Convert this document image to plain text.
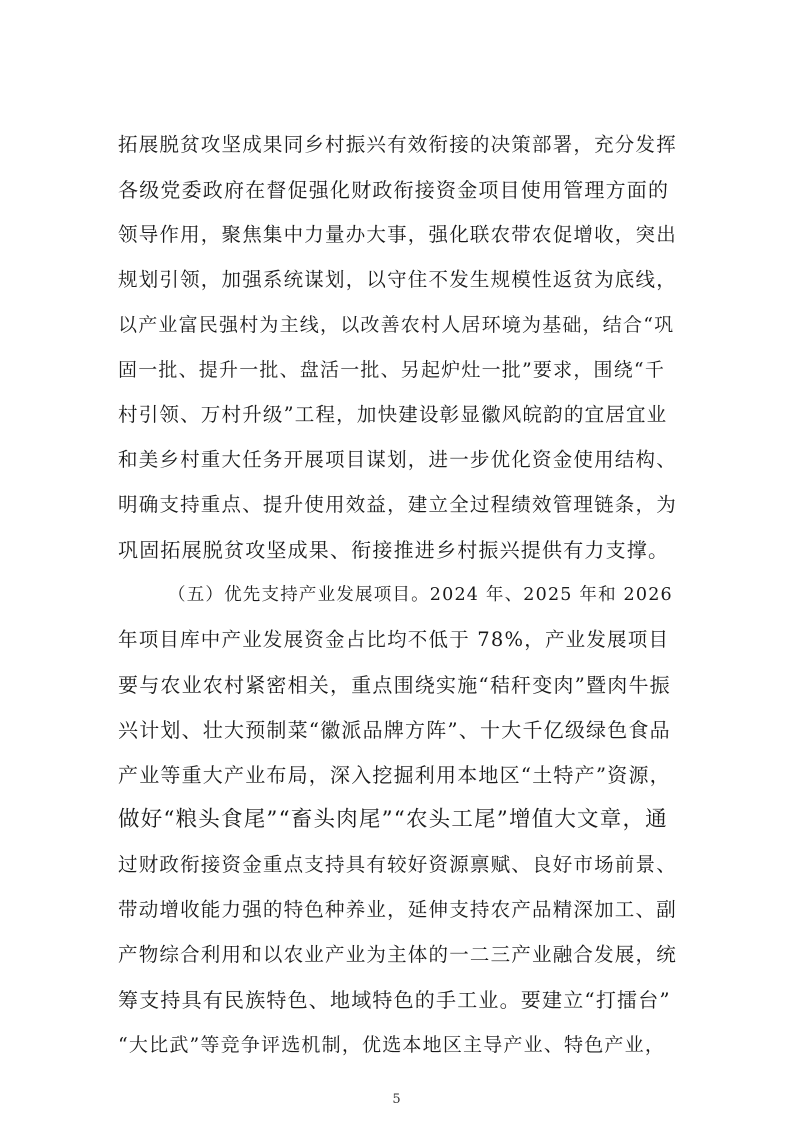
拓展脱贫攻坚成果同乡村振兴有效衔接的决策部署，充分发挥
各级党委政府在督促强化财政衔接资金项目使用管理方面的
领导作用，聚焦集中力量办大事，强化联农带农促增收，突出
规划引领，加强系统谋划，以守住不发生规模性返贫为底线，
以产业富民强村为主线，以改善农村人居环境为基础，结合“巩
固一批、提升一批、盘活一批、另起炉灶一批”要求，围绕“千
村引领、万村升级”工程，加快建设彰显徽风皖韵的宜居宜业
和美乡村重大任务开展项目谋划，进一步优化资金使用结构、
明确支持重点、提升使用效益，建立全过程绩效管理链条，为
巩固拓展脱贫攻坚成果、衔接推进乡村振兴提供有力支撑。
（五）优先支持产业发展项目。2024 年、2025 年和 2026
年项目库中产业发展资金占比均不低于 78%，产业发展项目
要与农业农村紧密相关，重点围绕实施“秸秆变肉”暨肉牛振
兴计划、壮大预制菜“徽派品牌方阵”、十大千亿级绿色食品
产业等重大产业布局，深入挖掘利用本地区“土特产”资源，
做好“粮头食尾”“畜头肉尾”“农头工尾”增值大文章，通
过财政衔接资金重点支持具有较好资源禀赋、良好市场前景、
带动增收能力强的特色种养业，延伸支持农产品精深加工、副
产物综合利用和以农业产业为主体的一二三产业融合发展，统
筹支持具有民族特色、地域特色的手工业。要建立“打擂台”
“大比武”等竞争评选机制，优选本地区主导产业、特色产业，
5
